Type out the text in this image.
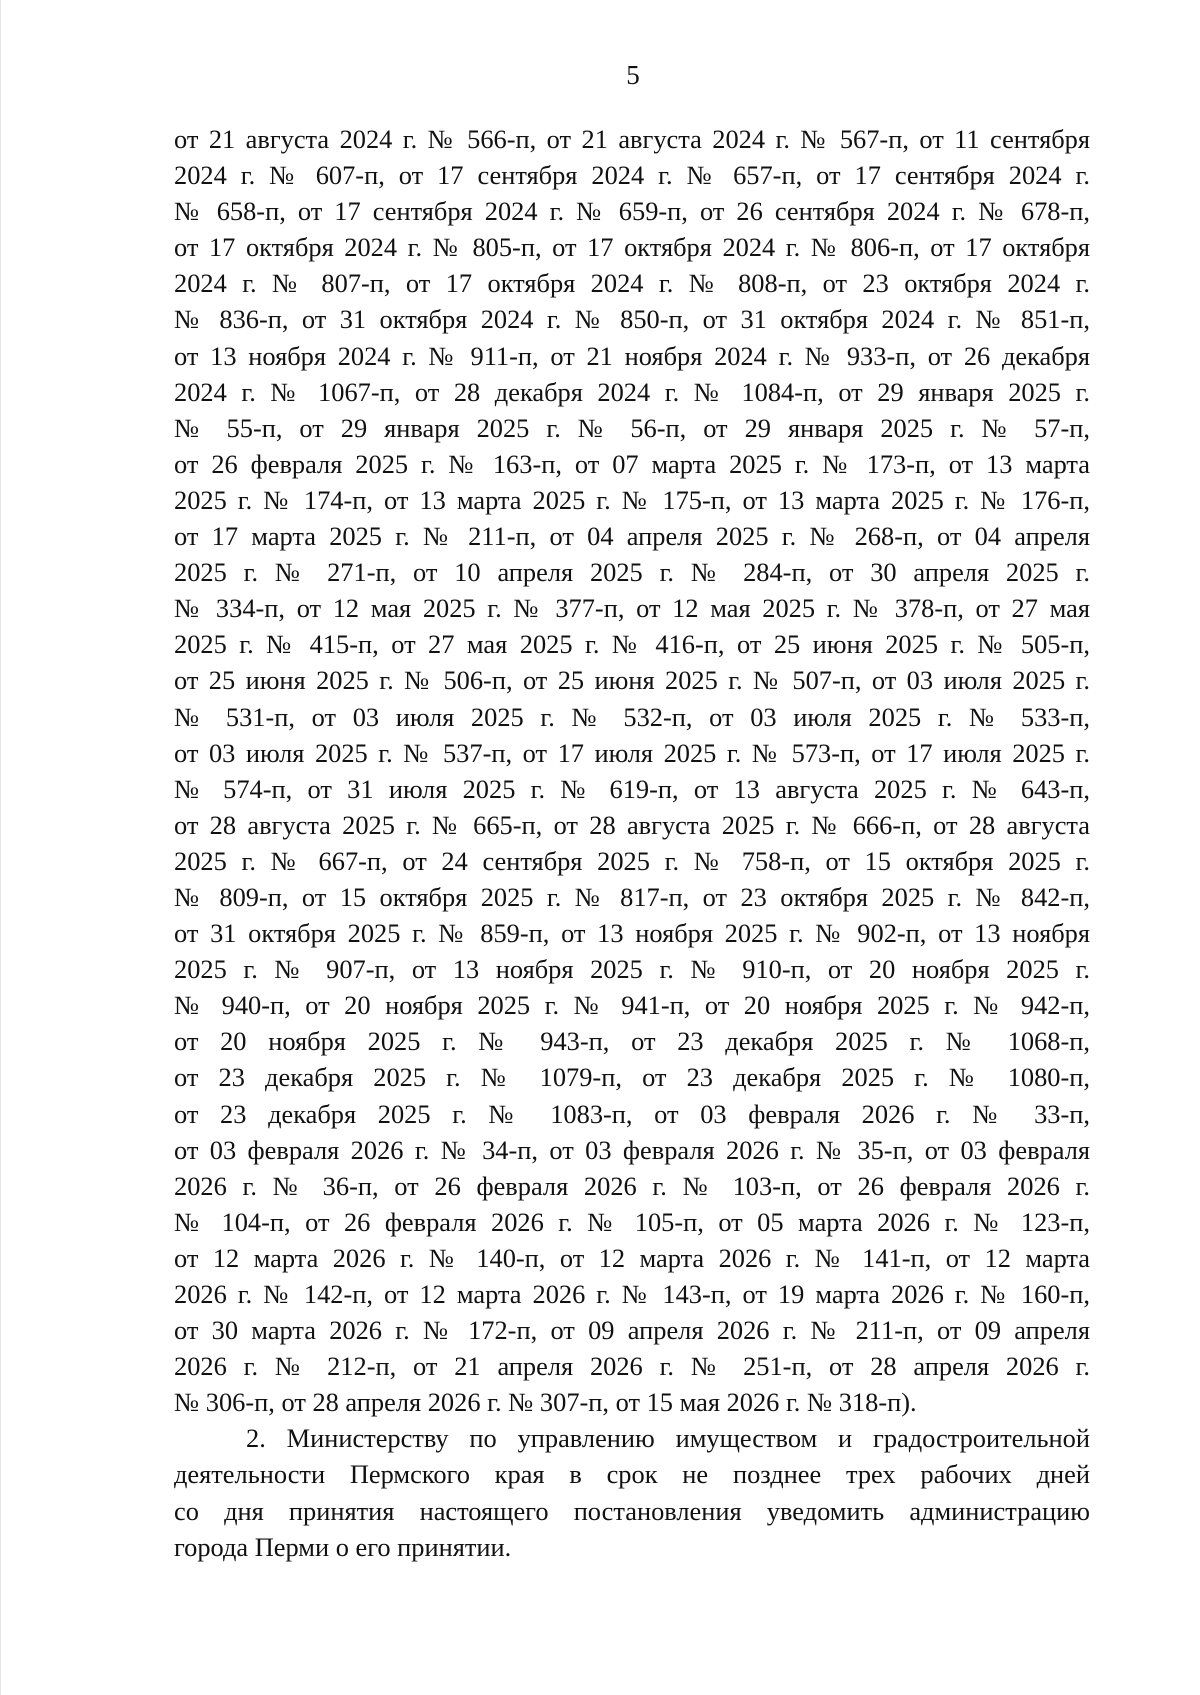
5
от 21 августа 2024 г. № 566-п, от 21 августа 2024 г. № 567-п, от 11 сентября
2024 г. № 607-п, от 17 сентября 2024 г. № 657-п, от 17 сентября 2024 г.
№ 658-п, от 17 сентября 2024 г. № 659-п, от 26 сентября 2024 г. № 678-п,
от 17 октября 2024 г. № 805-п, от 17 октября 2024 г. № 806-п, от 17 октября
2024 г. № 807-п, от 17 октября 2024 г. № 808-п, от 23 октября 2024 г.
№ 836-п, от 31 октября 2024 г. № 850-п, от 31 октября 2024 г. № 851-п,
от 13 ноября 2024 г. № 911-п, от 21 ноября 2024 г. № 933-п, от 26 декабря
2024 г. № 1067-п, от 28 декабря 2024 г. № 1084-п, от 29 января 2025 г.
№ 55-п, от 29 января 2025 г. № 56-п, от 29 января 2025 г. № 57-п,
от 26 февраля 2025 г. № 163-п, от 07 марта 2025 г. № 173-п, от 13 марта
2025 г. № 174-п, от 13 марта 2025 г. № 175-п, от 13 марта 2025 г. № 176-п,
от 17 марта 2025 г. № 211-п, от 04 апреля 2025 г. № 268-п, от 04 апреля
2025 г. № 271-п, от 10 апреля 2025 г. № 284-п, от 30 апреля 2025 г.
№ 334-п, от 12 мая 2025 г. № 377-п, от 12 мая 2025 г. № 378-п, от 27 мая
2025 г. № 415-п, от 27 мая 2025 г. № 416-п, от 25 июня 2025 г. № 505-п,
от 25 июня 2025 г. № 506-п, от 25 июня 2025 г. № 507-п, от 03 июля 2025 г.
№ 531-п, от 03 июля 2025 г. № 532-п, от 03 июля 2025 г. № 533-п,
от 03 июля 2025 г. № 537-п, от 17 июля 2025 г. № 573-п, от 17 июля 2025 г.
№ 574-п, от 31 июля 2025 г. № 619-п, от 13 августа 2025 г. № 643-п,
от 28 августа 2025 г. № 665-п, от 28 августа 2025 г. № 666-п, от 28 августа
2025 г. № 667-п, от 24 сентября 2025 г. № 758-п, от 15 октября 2025 г.
№ 809-п, от 15 октября 2025 г. № 817-п, от 23 октября 2025 г. № 842-п,
от 31 октября 2025 г. № 859-п, от 13 ноября 2025 г. № 902-п, от 13 ноября
2025 г. № 907-п, от 13 ноября 2025 г. № 910-п, от 20 ноября 2025 г.
№ 940-п, от 20 ноября 2025 г. № 941-п, от 20 ноября 2025 г. № 942-п,
от 20 ноября 2025 г. № 943-п, от 23 декабря 2025 г. № 1068-п,
от 23 декабря 2025 г. № 1079-п, от 23 декабря 2025 г. № 1080-п,
от 23 декабря 2025 г. № 1083-п, от 03 февраля 2026 г. № 33-п,
от 03 февраля 2026 г. № 34-п, от 03 февраля 2026 г. № 35-п, от 03 февраля
2026 г. № 36-п, от 26 февраля 2026 г. № 103-п, от 26 февраля 2026 г.
№ 104-п, от 26 февраля 2026 г. № 105-п, от 05 марта 2026 г. № 123-п,
от 12 марта 2026 г. № 140-п, от 12 марта 2026 г. № 141-п, от 12 марта
2026 г. № 142-п, от 12 марта 2026 г. № 143-п, от 19 марта 2026 г. № 160-п,
от 30 марта 2026 г. № 172-п, от 09 апреля 2026 г. № 211-п, от 09 апреля
2026 г. № 212-п, от 21 апреля 2026 г. № 251-п, от 28 апреля 2026 г.
№ 306-п, от 28 апреля 2026 г. № 307-п, от 15 мая 2026 г. № 318-п).
2. Министерству по управлению имуществом и градостроительной
деятельности Пермского края в срок не позднее трех рабочих дней
со дня принятия настоящего постановления уведомить администрацию
города Перми о его принятии.
